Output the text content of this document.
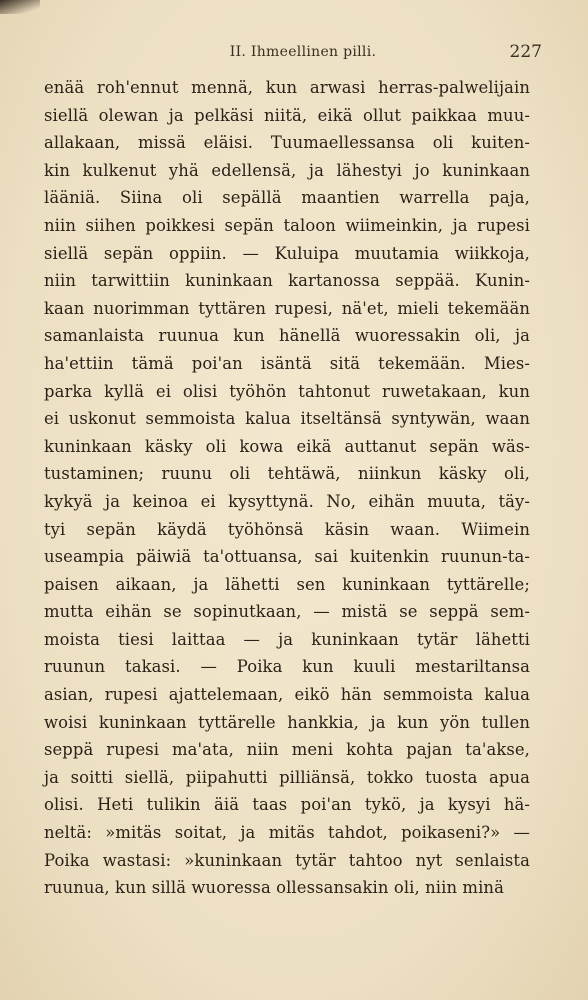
II. Ihmeellinen pilli.	227
enää roh'ennut mennä, kun arwasi herras-palwelijain
siellä olewan ja pelkäsi niitä, eikä ollut paikkaa muu-
allakaan, missä eläisi. Tuumaellessansa oli kuiten-
kin kulkenut yhä edellensä, ja lähestyi jo kuninkaan
lääniä. Siina oli sepällä maantien warrella paja,
niin siihen poikkesi sepän taloon wiimeinkin, ja rupesi
siellä sepän oppiin. — Kuluipa muutamia wiikkoja,
niin tarwittiin kuninkaan kartanossa seppää. Kunin-
kaan nuorimman tyttären rupesi, nä'et, mieli tekemään
samanlaista ruunua kun hänellä wuoressakin oli, ja
ha'ettiin tämä poi'an isäntä sitä tekemään. Mies-
parka kyllä ei olisi työhön tahtonut ruwetakaan, kun
ei uskonut semmoista kalua itseltänsä syntywän, waan
kuninkaan käsky oli kowa eikä auttanut sepän wäs-
tustaminen; ruunu oli tehtäwä, niinkun käsky oli,
kykyä ja keinoa ei kysyttynä. No, eihän muuta, täy-
tyi sepän käydä työhönsä käsin waan. Wiimein
useampia päiwiä ta'ottuansa, sai kuitenkin ruunun-ta-
paisen aikaan, ja lähetti sen kuninkaan tyttärelle;
mutta eihän se sopinutkaan, — mistä se seppä sem-
moista tiesi laittaa — ja kuninkaan tytär lähetti
ruunun takasi. — Poika kun kuuli mestariltansa
asian, rupesi ajattelemaan, eikö hän semmoista kalua
woisi kuninkaan tyttärelle hankkia, ja kun yön tullen
seppä rupesi ma'ata, niin meni kohta pajan ta'akse,
ja soitti siellä, piipahutti pilliänsä, tokko tuosta apua
olisi. Heti tulikin äiä taas poi'an tykö, ja kysyi hä-
neltä: »mitäs soitat, ja mitäs tahdot, poikaseni?» —
Poika wastasi: »kuninkaan tytär tahtoo nyt senlaista
ruunua, kun sillä wuoressa ollessansakin oli, niin minä
